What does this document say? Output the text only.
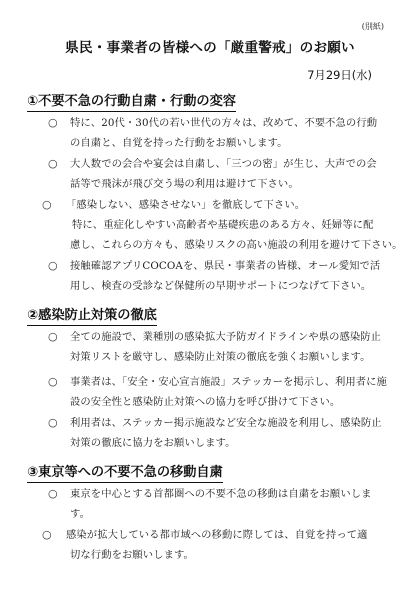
(別紙)
県民・事業者の皆様への「厳重警戒」のお願い
7月29日(水)
①不要不急の行動自粛・行動の変容
○ 特に、20代・30代の若い世代の方々は、改めて、不要不急の行動
の自粛と、自覚を持った行動をお願いします。
○ 大人数での会合や宴会は自粛し、「三つの密」が生じ、大声での会
話等で飛沫が飛び交う場の利用は避けて下さい。
○ 「感染しない、感染させない」を徹底して下さい。
特に、重症化しやすい高齢者や基礎疾患のある方々、妊婦等に配
慮し、これらの方々も、感染リスクの高い施設の利用を避けて下さい。
○ 接触確認アプリCOCOAを、県民・事業者の皆様、オール愛知で活
用し、検査の受診など保健所の早期サポートにつなげて下さい。
②感染防止対策の徹底
○ 全ての施設で、業種別の感染拡大予防ガイドラインや県の感染防止
対策リストを厳守し、感染防止対策の徹底を強くお願いします。
○ 事業者は、「安全・安心宣言施設」ステッカーを掲示し、利用者に施
設の安全性と感染防止対策への協力を呼び掛けて下さい。
○ 利用者は、ステッカー掲示施設など安全な施設を利用し、感染防止
対策の徹底に協力をお願いします。
③東京等への不要不急の移動自粛
○ 東京を中心とする首都圏への不要不急の移動は自粛をお願いしま
す。
○ 感染が拡大している都市域への移動に際しては、自覚を持って適
切な行動をお願いします。
